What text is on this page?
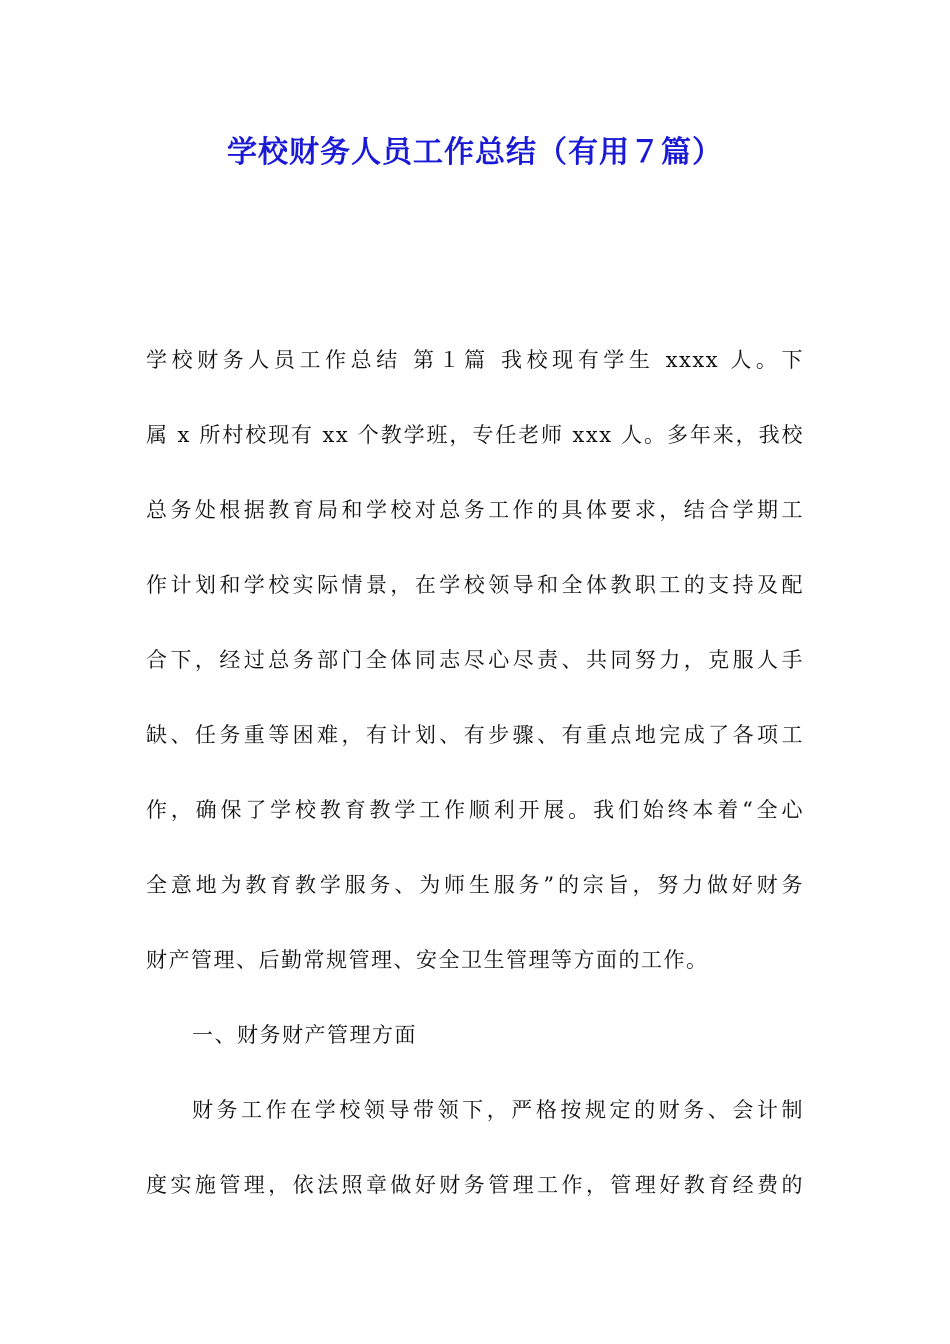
学校财务人员工作总结（有用７篇）
学校财务人员工作总结 第１篇 我校现有学生 xxxx 人。下
属 x 所村校现有 xx 个教学班，专任老师 xxx 人。多年来，我校
总务处根据教育局和学校对总务工作的具体要求，结合学期工
作计划和学校实际情景，在学校领导和全体教职工的支持及配
合下，经过总务部门全体同志尽心尽责、共同努力，克服人手
缺、任务重等困难，有计划、有步骤、有重点地完成了各项工
作，确保了学校教育教学工作顺利开展。我们始终本着“全心
全意地为教育教学服务、为师生服务”的宗旨，努力做好财务
财产管理、后勤常规管理、安全卫生管理等方面的工作。
一、财务财产管理方面
财务工作在学校领导带领下，严格按规定的财务、会计制
度实施管理，依法照章做好财务管理工作，管理好教育经费的
